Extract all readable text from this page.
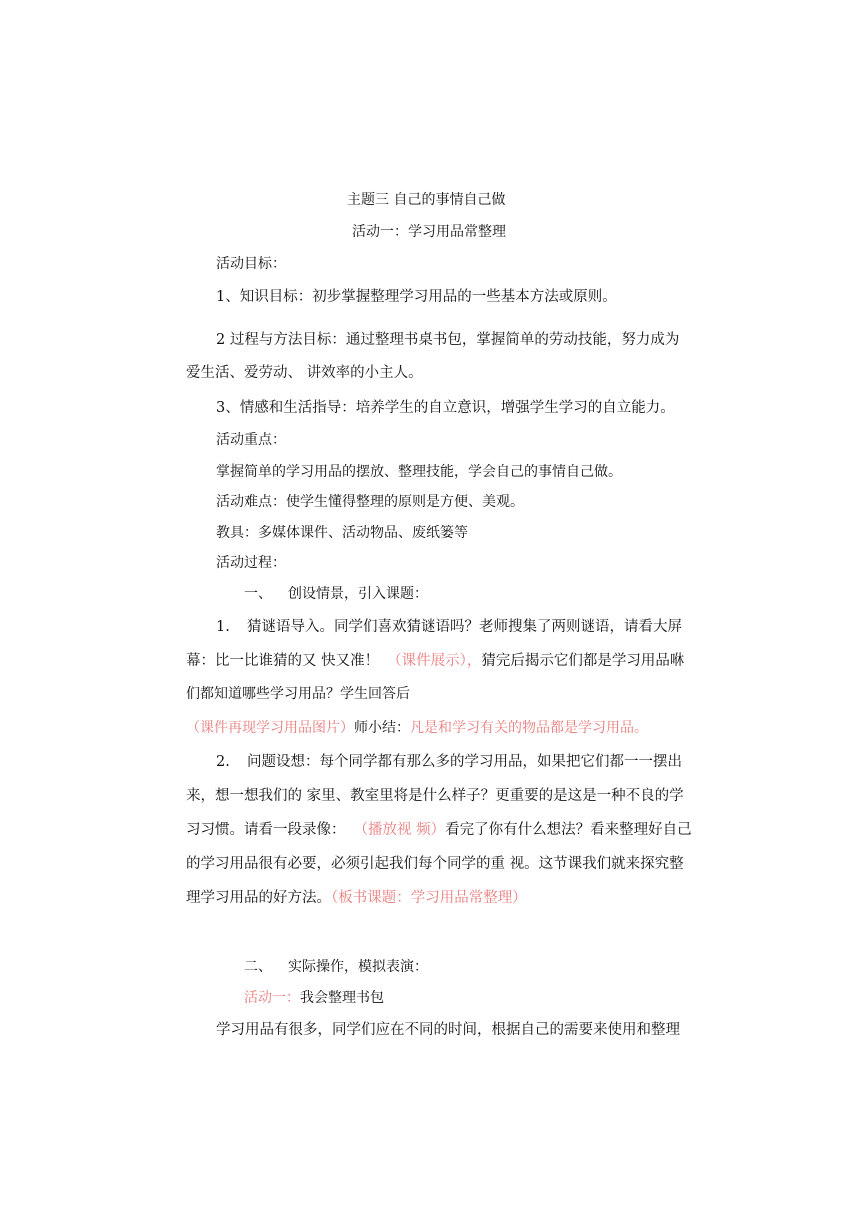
主题三 自己的事情自己做
活动一：学习用品常整理
活动目标：
1、知识目标：初步掌握整理学习用品的一些基本方法或原则。
2 过程与方法目标：通过整理书桌书包，掌握简单的劳动技能，努力成为
爱生活、爱劳动、 讲效率的小主人。
3、情感和生活指导：培养学生的自立意识，增强学生学习的自立能力。
活动重点：
掌握简单的学习用品的摆放、整理技能，学会自己的事情自己做。
活动难点：使学生懂得整理的原则是方便、美观。
教具：多媒体课件、活动物品、废纸篓等
活动过程：
一、 创设情景，引入课题：
1. 猜谜语导入。同学们喜欢猜谜语吗？老师搜集了两则谜语，请看大屏
幕：比一比谁猜的又 快又准！ （课件展示），猜完后揭示它们都是学习用品咻
们都知道哪些学习用品？学生回答后
（课件再现学习用品图片）师小结：凡是和学习有关的物品都是学习用品。
2. 问题设想：每个同学都有那么多的学习用品，如果把它们都一一摆出
来，想一想我们的 家里、教室里将是什么样子？更重要的是这是一种不良的学
习习惯。请看一段录像： （播放视 频）看完了你有什么想法？看来整理好自己
的学习用品很有必要，必须引起我们每个同学的重 视。这节课我们就来探究整
理学习用品的好方法。（板书课题：学习用品常整理）
二、 实际操作，模拟表演：
活动一：我会整理书包
学习用品有很多，同学们应在不同的时间，根据自己的需要来使用和整理
